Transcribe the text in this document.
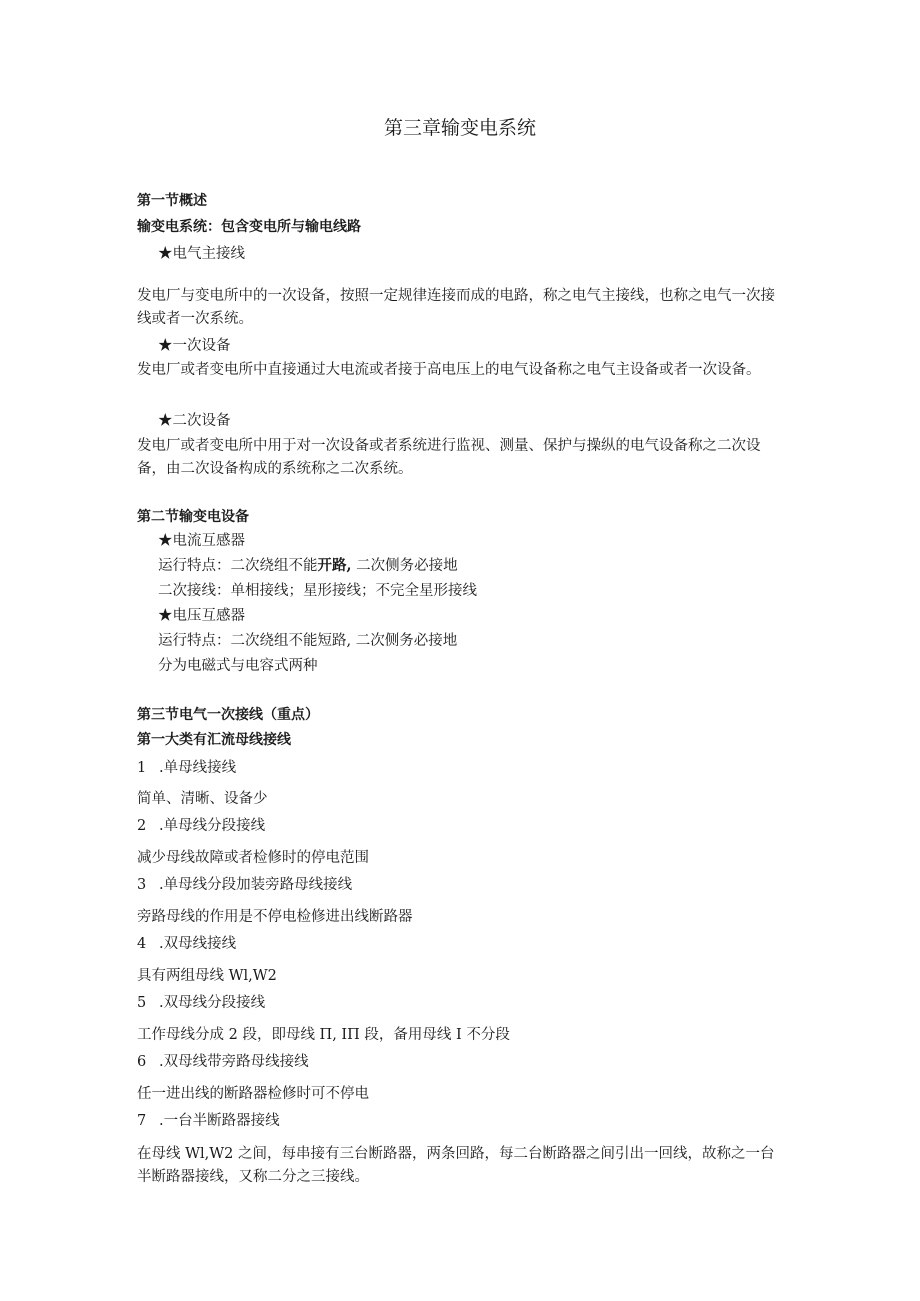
第三章输变电系统
第一节概述
输变电系统：包含变电所与输电线路
★电气主接线
发电厂与变电所中的一次设备，按照一定规律连接而成的电路，称之电气主接线，也称之电气一次接线或者一次系统。
★一次设备
发电厂或者变电所中直接通过大电流或者接于高电压上的电气设备称之电气主设备或者一次设备。
★二次设备
发电厂或者变电所中用于对一次设备或者系统进行监视、测量、保护与操纵的电气设备称之二次设备，由二次设备构成的系统称之二次系统。
第二节输变电设备
★电流互感器
运行特点：二次绕组不能开路, 二次侧务必接地
二次接线：单相接线；星形接线；不完全星形接线
★电压互感器
运行特点：二次绕组不能短路, 二次侧务必接地
分为电磁式与电容式两种
第三节电气一次接线（重点）
第一大类有汇流母线接线
1 .单母线接线
简单、清晰、设备少
2 .单母线分段接线
减少母线故障或者检修时的停电范围
3 .单母线分段加装旁路母线接线
旁路母线的作用是不停电检修进出线断路器
4 .双母线接线
具有两组母线 Wl,W2
5 .双母线分段接线
工作母线分成 2 段，即母线 Π, IΠ 段，备用母线 I 不分段
6 .双母线带旁路母线接线
任一进出线的断路器检修时可不停电
7 .一台半断路器接线
在母线 Wl,W2 之间，每串接有三台断路器，两条回路，每二台断路器之间引出一回线，故称之一台半断路器接线，又称二分之三接线。
